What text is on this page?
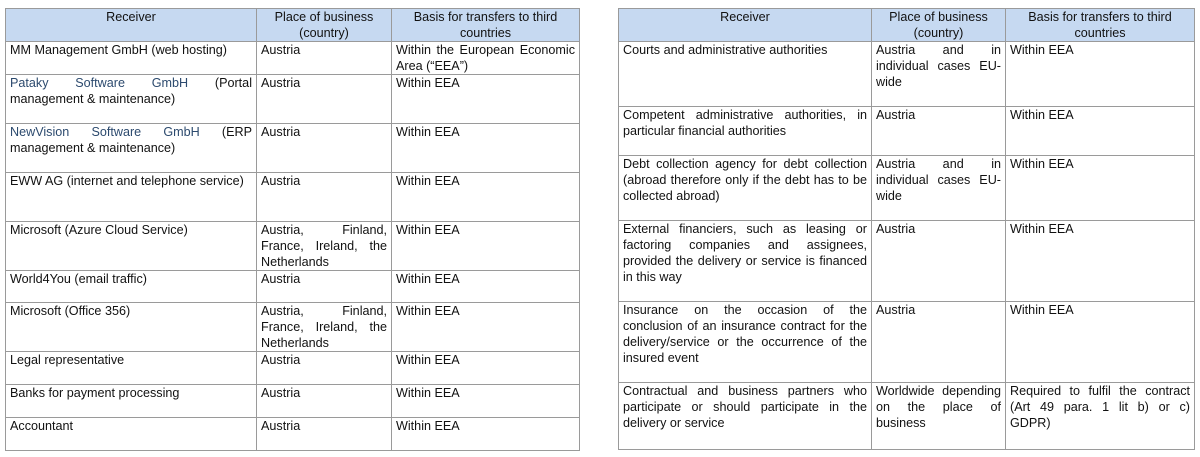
Receiver	Place of business (country)	Basis for transfers to third countries
MM Management GmbH (web hosting)	Austria	Within the European Economic Area (“EEA”)
Pataky Software GmbH (Portal management & maintenance)	Austria	Within EEA
NewVision Software GmbH (ERP management & maintenance)	Austria	Within EEA
EWW AG (internet and telephone service)	Austria	Within EEA
Microsoft (Azure Cloud Service)	Austria, Finland, France, Ireland, the Netherlands	Within EEA
World4You (email traffic)	Austria	Within EEA
Microsoft (Office 356)	Austria, Finland, France, Ireland, the Netherlands	Within EEA
Legal representative	Austria	Within EEA
Banks for payment processing	Austria	Within EEA
Accountant	Austria	Within EEA
Receiver	Place of business (country)	Basis for transfers to third countries
Courts and administrative authorities	Austria and in individual cases EU-wide	Within EEA
Competent administrative authorities, in particular financial authorities	Austria	Within EEA
Debt collection agency for debt collection (abroad therefore only if the debt has to be collected abroad)	Austria and in individual cases EU-wide	Within EEA
External financiers, such as leasing or factoring companies and assignees, provided the delivery or service is financed in this way	Austria	Within EEA
Insurance on the occasion of the conclusion of an insurance contract for the delivery/service or the occurrence of the insured event	Austria	Within EEA
Contractual and business partners who participate or should participate in the delivery or service	Worldwide depending on the place of business	Required to fulfil the contract (Art 49 para. 1 lit b) or c) GDPR)
